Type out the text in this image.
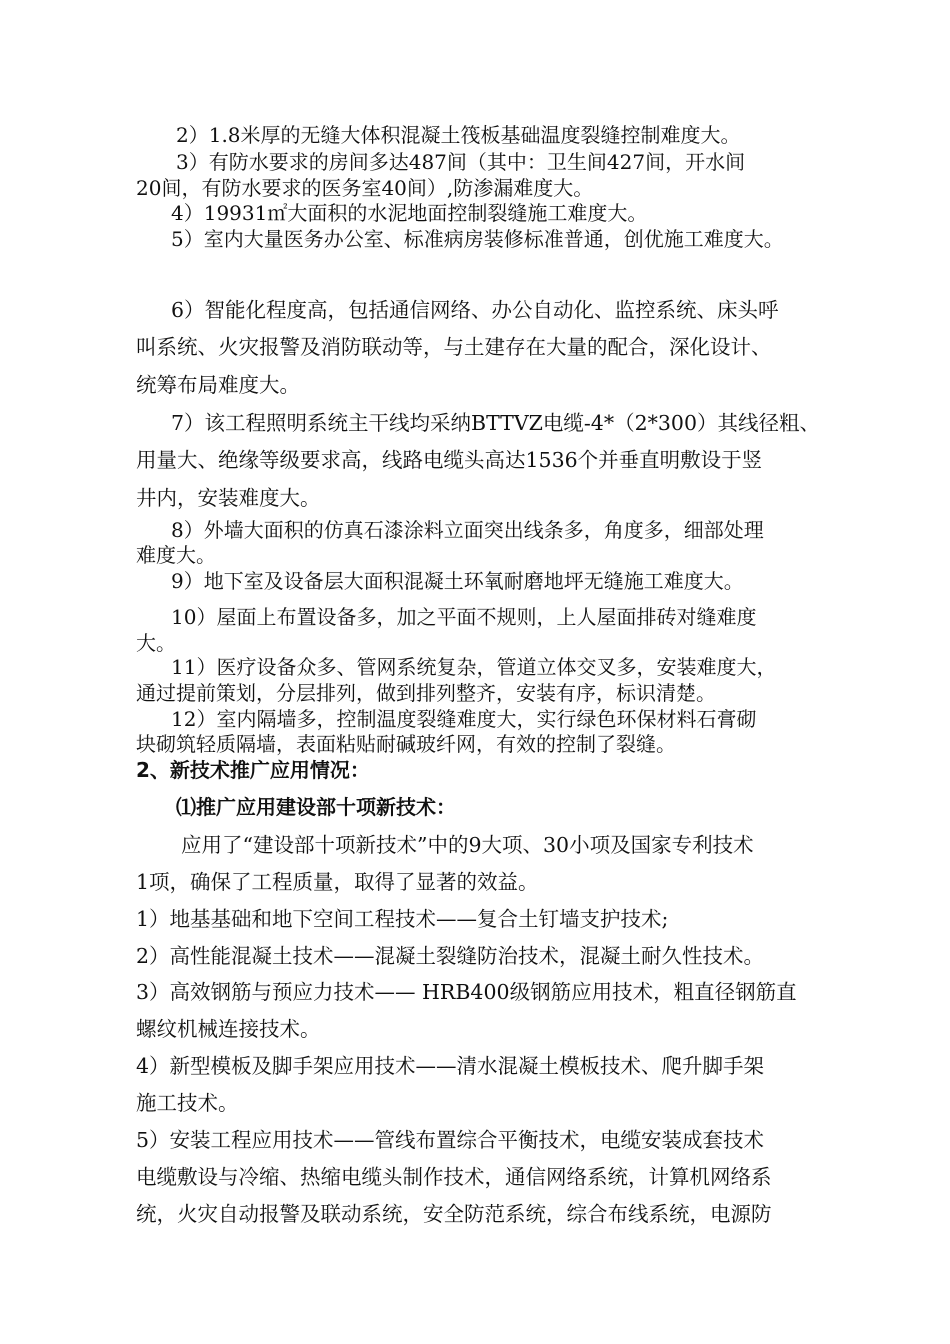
2）1.8米厚的无缝大体积混凝土筏板基础温度裂缝控制难度大。

3）有防水要求的房间多达487间（其中：卫生间427间，开水间

20间，有防水要求的医务室40间）,防渗漏难度大。

4）19931㎡大面积的水泥地面控制裂缝施工难度大。

5）室内大量医务办公室、标准病房装修标准普通，创优施工难度大。

6）智能化程度高，包括通信网络、办公自动化、监控系统、床头呼

叫系统、火灾报警及消防联动等，与土建存在大量的配合，深化设计、

统筹布局难度大。

7）该工程照明系统主干线均采纳BTTVZ电缆-4*（2*300）其线径粗、

用量大、绝缘等级要求高，线路电缆头高达1536个并垂直明敷设于竖

井内，安装难度大。

8）外墙大面积的仿真石漆涂料立面突出线条多，角度多，细部处理

难度大。

9）地下室及设备层大面积混凝土环氧耐磨地坪无缝施工难度大。

10）屋面上布置设备多，加之平面不规则，上人屋面排砖对缝难度

大。

11）医疗设备众多、管网系统复杂，管道立体交叉多，安装难度大，

通过提前策划，分层排列，做到排列整齐，安装有序，标识清楚。

12）室内隔墙多，控制温度裂缝难度大，实行绿色环保材料石膏砌

块砌筑轻质隔墙，表面粘贴耐碱玻纤网，有效的控制了裂缝。

2、新技术推广应用情况：

⑴推广应用建设部十项新技术：

应用了“建设部十项新技术”中的9大项、30小项及国家专利技术

1项，确保了工程质量，取得了显著的效益。

1）地基基础和地下空间工程技术——复合土钉墙支护技术;

2）高性能混凝土技术——混凝土裂缝防治技术，混凝土耐久性技术。

3）高效钢筋与预应力技术—— HRB400级钢筋应用技术，粗直径钢筋直

螺纹机械连接技术。

4）新型模板及脚手架应用技术——清水混凝土模板技术、爬升脚手架

施工技术。

5）安装工程应用技术——管线布置综合平衡技术，电缆安装成套技术

电缆敷设与冷缩、热缩电缆头制作技术，通信网络系统，计算机网络系

统，火灾自动报警及联动系统，安全防范系统，综合布线系统，电源防
